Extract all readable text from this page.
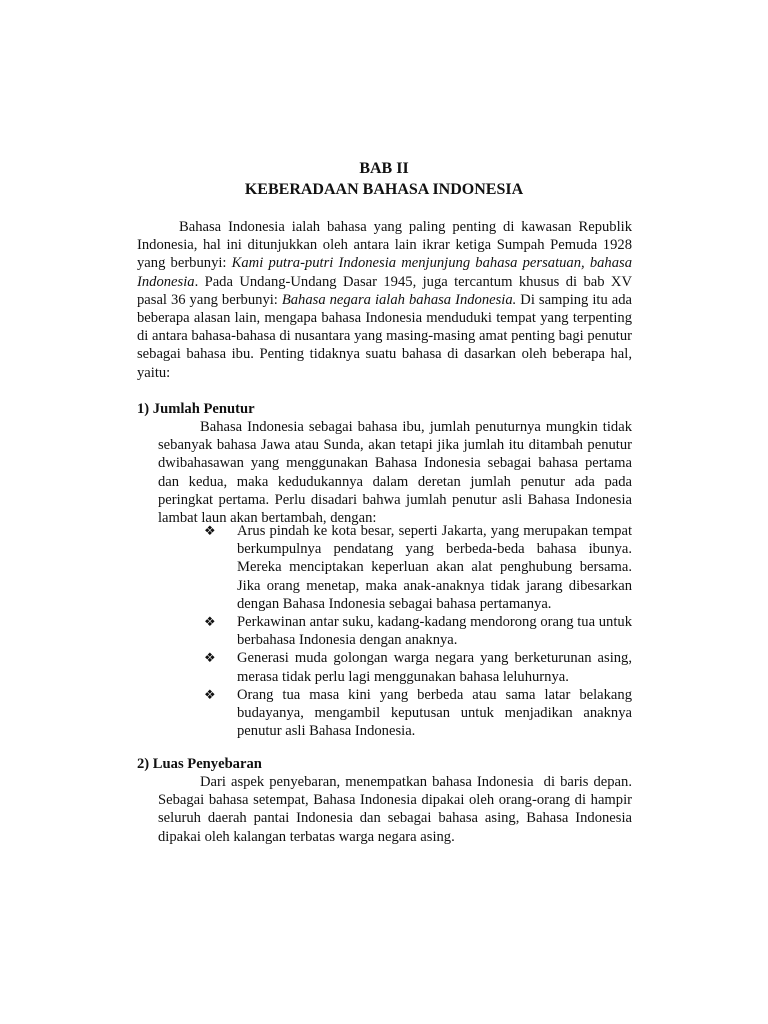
BAB II
KEBERADAAN BAHASA INDONESIA

Bahasa Indonesia ialah bahasa yang paling penting di kawasan Republik Indonesia, hal ini ditunjukkan oleh antara lain ikrar ketiga Sumpah Pemuda 1928 yang berbunyi: Kami putra-putri Indonesia menjunjung bahasa persatuan, bahasa Indonesia. Pada Undang-Undang Dasar 1945, juga tercantum khusus di bab XV pasal 36 yang berbunyi: Bahasa negara ialah bahasa Indonesia. Di samping itu ada beberapa alasan lain, mengapa bahasa Indonesia menduduki tempat yang terpenting di antara bahasa-bahasa di nusantara yang masing-masing amat penting bagi penutur sebagai bahasa ibu. Penting tidaknya suatu bahasa di dasarkan oleh beberapa hal, yaitu:

1) Jumlah Penutur

Bahasa Indonesia sebagai bahasa ibu, jumlah penuturnya mungkin tidak sebanyak bahasa Jawa atau Sunda, akan tetapi jika jumlah itu ditambah penutur dwibahasawan yang menggunakan Bahasa Indonesia sebagai bahasa pertama dan kedua, maka kedudukannya dalam deretan jumlah penutur ada pada peringkat pertama. Perlu disadari bahwa jumlah penutur asli Bahasa Indonesia lambat laun akan bertambah, dengan:

❖ Arus pindah ke kota besar, seperti Jakarta, yang merupakan tempat berkumpulnya pendatang yang berbeda-beda bahasa ibunya. Mereka menciptakan keperluan akan alat penghubung bersama. Jika orang menetap, maka anak-anaknya tidak jarang dibesarkan dengan Bahasa Indonesia sebagai bahasa pertamanya.
❖ Perkawinan antar suku, kadang-kadang mendorong orang tua untuk berbahasa Indonesia dengan anaknya.
❖ Generasi muda golongan warga negara yang berketurunan asing, merasa tidak perlu lagi menggunakan bahasa leluhurnya.
❖ Orang tua masa kini yang berbeda atau sama latar belakang budayanya, mengambil keputusan untuk menjadikan anaknya penutur asli Bahasa Indonesia.
2) Luas Penyebaran

Dari aspek penyebaran, menempatkan bahasa Indonesia  di baris depan. Sebagai bahasa setempat, Bahasa Indonesia dipakai oleh orang-orang di hampir seluruh daerah pantai Indonesia dan sebagai bahasa asing, Bahasa Indonesia dipakai oleh kalangan terbatas warga negara asing.
